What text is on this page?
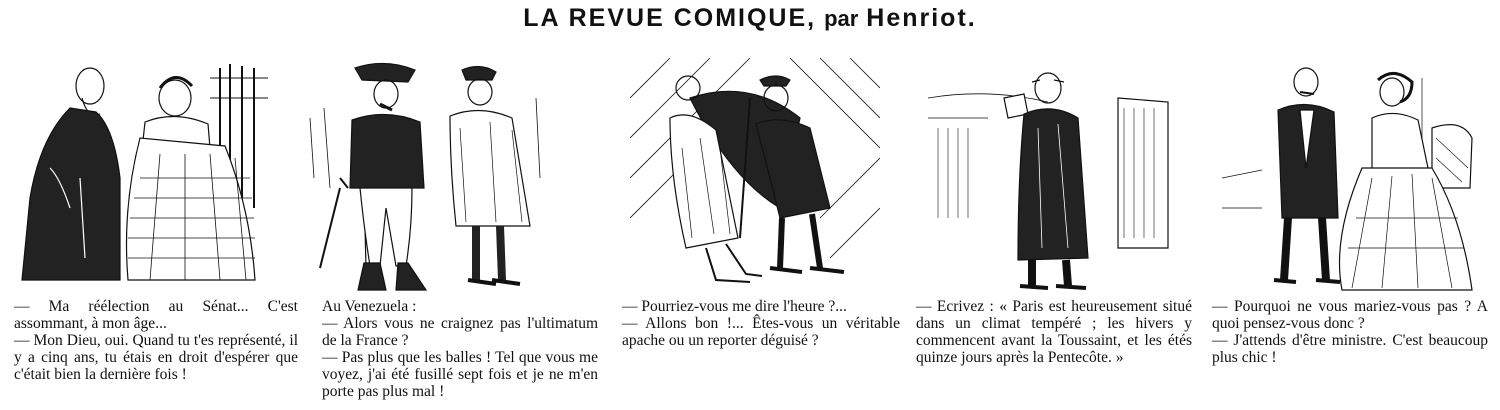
LA REVUE COMIQUE, par Henriot.

— Ma réélection au Sénat... C'est assommant, à mon âge...

— Mon Dieu, oui. Quand tu t'es représenté, il y a cinq ans, tu étais en droit d'espérer que c'était bien la dernière fois !

Au Venezuela :

— Alors vous ne craignez pas l'ultimatum de la France ?

— Pas plus que les balles ! Tel que vous me voyez, j'ai été fusillé sept fois et je ne m'en porte pas plus mal !

— Pourriez-vous me dire l'heure ?...

— Allons bon !... Êtes-vous un véritable apache ou un reporter déguisé ?

— Ecrivez : « Paris est heureusement situé dans un climat tempéré ; les hivers y commencent avant la Toussaint, et les étés quinze jours après la Pentecôte. »

— Pourquoi ne vous mariez-vous pas ? A quoi pensez-vous donc ?

— J'attends d'être ministre. C'est beaucoup plus chic !
